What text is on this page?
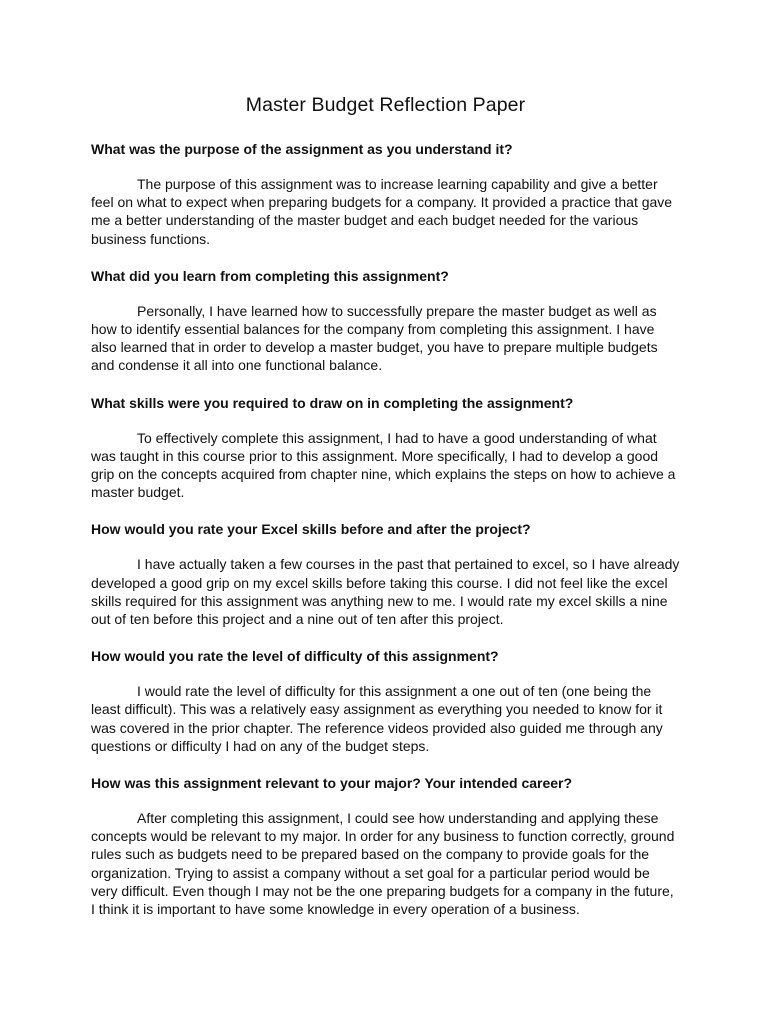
Master Budget Reflection Paper

What was the purpose of the assignment as you understand it?

The purpose of this assignment was to increase learning capability and give a better feel on what to expect when preparing budgets for a company. It provided a practice that gave me a better understanding of the master budget and each budget needed for the various business functions.

What did you learn from completing this assignment?

Personally, I have learned how to successfully prepare the master budget as well as how to identify essential balances for the company from completing this assignment. I have also learned that in order to develop a master budget, you have to prepare multiple budgets and condense it all into one functional balance.

What skills were you required to draw on in completing the assignment?

To effectively complete this assignment, I had to have a good understanding of what was taught in this course prior to this assignment. More specifically, I had to develop a good grip on the concepts acquired from chapter nine, which explains the steps on how to achieve a master budget.

How would you rate your Excel skills before and after the project?

I have actually taken a few courses in the past that pertained to excel, so I have already developed a good grip on my excel skills before taking this course. I did not feel like the excel skills required for this assignment was anything new to me. I would rate my excel skills a nine out of ten before this project and a nine out of ten after this project.

How would you rate the level of difficulty of this assignment?

I would rate the level of difficulty for this assignment a one out of ten (one being the least difficult). This was a relatively easy assignment as everything you needed to know for it was covered in the prior chapter. The reference videos provided also guided me through any questions or difficulty I had on any of the budget steps.

How was this assignment relevant to your major? Your intended career?

After completing this assignment, I could see how understanding and applying these concepts would be relevant to my major. In order for any business to function correctly, ground rules such as budgets need to be prepared based on the company to provide goals for the organization. Trying to assist a company without a set goal for a particular period would be very difficult. Even though I may not be the one preparing budgets for a company in the future, I think it is important to have some knowledge in every operation of a business.
